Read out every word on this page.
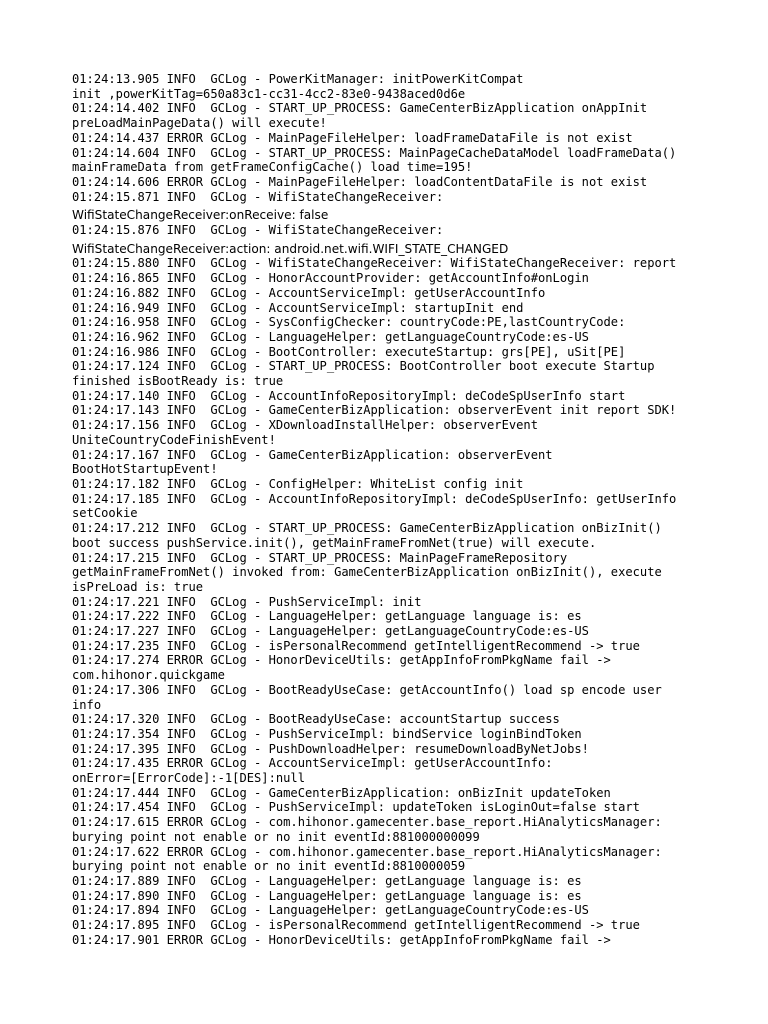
01:24:13.905 INFO  GCLog - PowerKitManager: initPowerKitCompat
init ,powerKitTag=650a83c1-cc31-4cc2-83e0-9438aced0d6e
01:24:14.402 INFO  GCLog - START_UP_PROCESS: GameCenterBizApplication onAppInit
preLoadMainPageData() will execute!
01:24:14.437 ERROR GCLog - MainPageFileHelper: loadFrameDataFile is not exist
01:24:14.604 INFO  GCLog - START_UP_PROCESS: MainPageCacheDataModel loadFrameData()
mainFrameData from getFrameConfigCache() load time=195!
01:24:14.606 ERROR GCLog - MainPageFileHelper: loadContentDataFile is not exist
01:24:15.871 INFO  GCLog - WifiStateChangeReceiver:
WifiStateChangeReceiver:onReceive: false
01:24:15.876 INFO  GCLog - WifiStateChangeReceiver:
WifiStateChangeReceiver:action: android.net.wifi.WIFI_STATE_CHANGED
01:24:15.880 INFO  GCLog - WifiStateChangeReceiver: WifiStateChangeReceiver: report
01:24:16.865 INFO  GCLog - HonorAccountProvider: getAccountInfo#onLogin
01:24:16.882 INFO  GCLog - AccountServiceImpl: getUserAccountInfo
01:24:16.949 INFO  GCLog - AccountServiceImpl: startupInit end
01:24:16.958 INFO  GCLog - SysConfigChecker: countryCode:PE,lastCountryCode:
01:24:16.962 INFO  GCLog - LanguageHelper: getLanguageCountryCode:es-US
01:24:16.986 INFO  GCLog - BootController: executeStartup: grs[PE], uSit[PE]
01:24:17.124 INFO  GCLog - START_UP_PROCESS: BootController boot execute Startup
finished isBootReady is: true
01:24:17.140 INFO  GCLog - AccountInfoRepositoryImpl: deCodeSpUserInfo start
01:24:17.143 INFO  GCLog - GameCenterBizApplication: observerEvent init report SDK!
01:24:17.156 INFO  GCLog - XDownloadInstallHelper: observerEvent
UniteCountryCodeFinishEvent!
01:24:17.167 INFO  GCLog - GameCenterBizApplication: observerEvent
BootHotStartupEvent!
01:24:17.182 INFO  GCLog - ConfigHelper: WhiteList config init
01:24:17.185 INFO  GCLog - AccountInfoRepositoryImpl: deCodeSpUserInfo: getUserInfo
setCookie
01:24:17.212 INFO  GCLog - START_UP_PROCESS: GameCenterBizApplication onBizInit()
boot success pushService.init(), getMainFrameFromNet(true) will execute.
01:24:17.215 INFO  GCLog - START_UP_PROCESS: MainPageFrameRepository
getMainFrameFromNet() invoked from: GameCenterBizApplication onBizInit(), execute
isPreLoad is: true
01:24:17.221 INFO  GCLog - PushServiceImpl: init
01:24:17.222 INFO  GCLog - LanguageHelper: getLanguage language is: es
01:24:17.227 INFO  GCLog - LanguageHelper: getLanguageCountryCode:es-US
01:24:17.235 INFO  GCLog - isPersonalRecommend getIntelligentRecommend -> true
01:24:17.274 ERROR GCLog - HonorDeviceUtils: getAppInfoFromPkgName fail ->
com.hihonor.quickgame
01:24:17.306 INFO  GCLog - BootReadyUseCase: getAccountInfo() load sp encode user
info
01:24:17.320 INFO  GCLog - BootReadyUseCase: accountStartup success
01:24:17.354 INFO  GCLog - PushServiceImpl: bindService loginBindToken
01:24:17.395 INFO  GCLog - PushDownloadHelper: resumeDownloadByNetJobs!
01:24:17.435 ERROR GCLog - AccountServiceImpl: getUserAccountInfo:
onError=[ErrorCode]:-1[DES]:null
01:24:17.444 INFO  GCLog - GameCenterBizApplication: onBizInit updateToken
01:24:17.454 INFO  GCLog - PushServiceImpl: updateToken isLoginOut=false start
01:24:17.615 ERROR GCLog - com.hihonor.gamecenter.base_report.HiAnalyticsManager:
burying point not enable or no init eventId:881000000099
01:24:17.622 ERROR GCLog - com.hihonor.gamecenter.base_report.HiAnalyticsManager:
burying point not enable or no init eventId:8810000059
01:24:17.889 INFO  GCLog - LanguageHelper: getLanguage language is: es
01:24:17.890 INFO  GCLog - LanguageHelper: getLanguage language is: es
01:24:17.894 INFO  GCLog - LanguageHelper: getLanguageCountryCode:es-US
01:24:17.895 INFO  GCLog - isPersonalRecommend getIntelligentRecommend -> true
01:24:17.901 ERROR GCLog - HonorDeviceUtils: getAppInfoFromPkgName fail ->
